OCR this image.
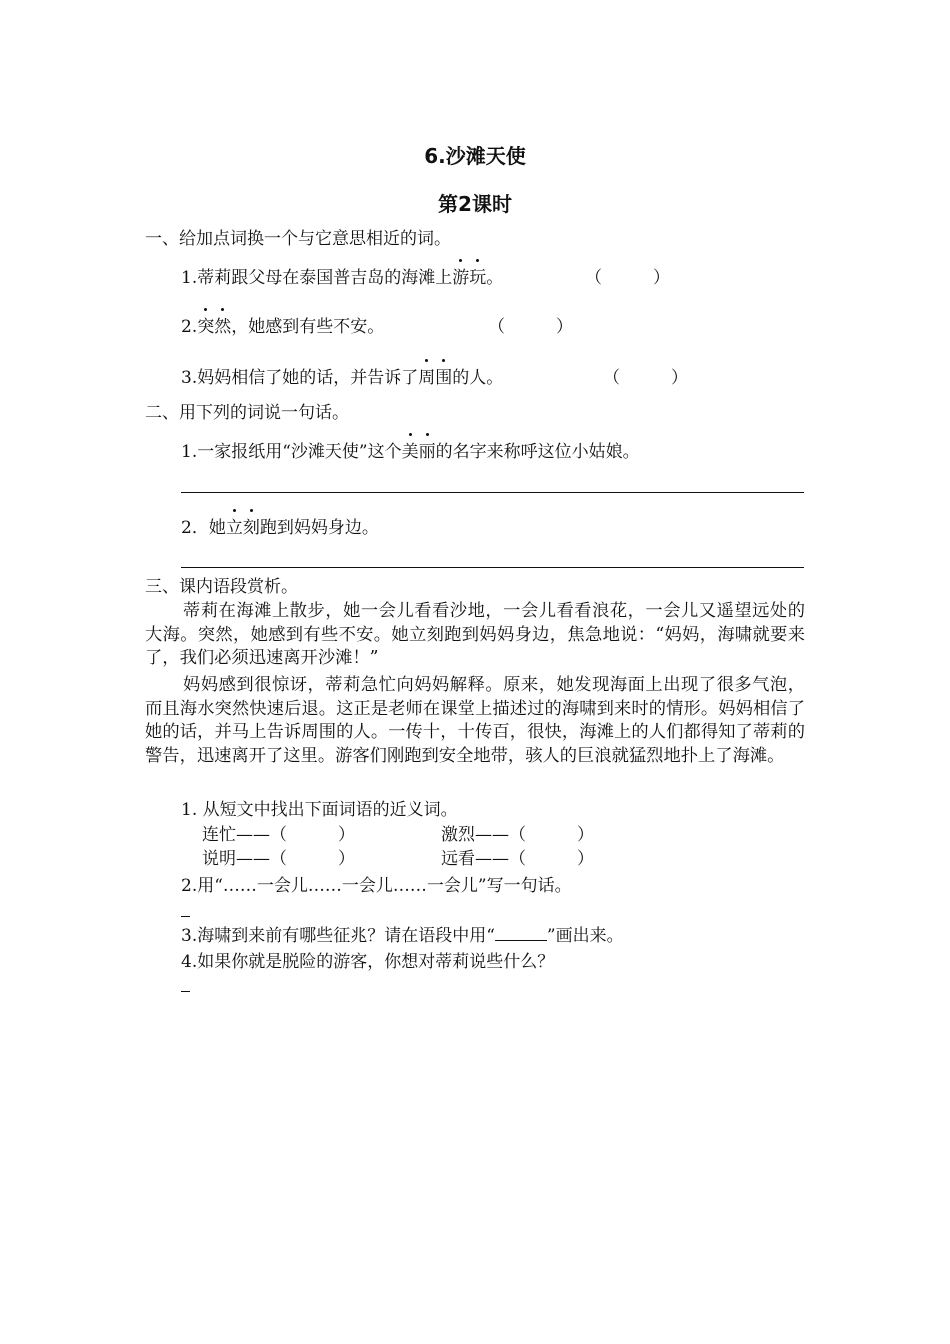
6.沙滩天使
第2课时
一、给加点词换一个与它意思相近的词。
1.蒂莉跟父母在泰国普吉岛的海滩上游玩。	（　　　）
2.突然，她感到有些不安。	（　　　）
3.妈妈相信了她的话，并告诉了周围的人。	（　　　）
二、用下列的词说一句话。
1.一家报纸用“沙滩天使”这个美丽的名字来称呼这位小姑娘。
2．她立刻跑到妈妈身边。
三、课内语段赏析。
蒂莉在海滩上散步，她一会儿看看沙地，一会儿看看浪花，一会儿又遥望远处的大海。突然，她感到有些不安。她立刻跑到妈妈身边，焦急地说：“妈妈，海啸就要来了，我们必须迅速离开沙滩！”
妈妈感到很惊讶，蒂莉急忙向妈妈解释。原来，她发现海面上出现了很多气泡，而且海水突然快速后退。这正是老师在课堂上描述过的海啸到来时的情形。妈妈相信了她的话，并马上告诉周围的人。一传十，十传百，很快，海滩上的人们都得知了蒂莉的警告，迅速离开了这里。游客们刚跑到安全地带，骇人的巨浪就猛烈地扑上了海滩。
1. 从短文中找出下面词语的近义词。
连忙——（　　　）	激烈——（　　　）
说明——（　　　）	远看——（　　　）
2.用“……一会儿……一会儿……一会儿”写一句话。
3.海啸到来前有哪些征兆？请在语段中用“	”画出来。
4.如果你就是脱险的游客，你想对蒂莉说些什么？
